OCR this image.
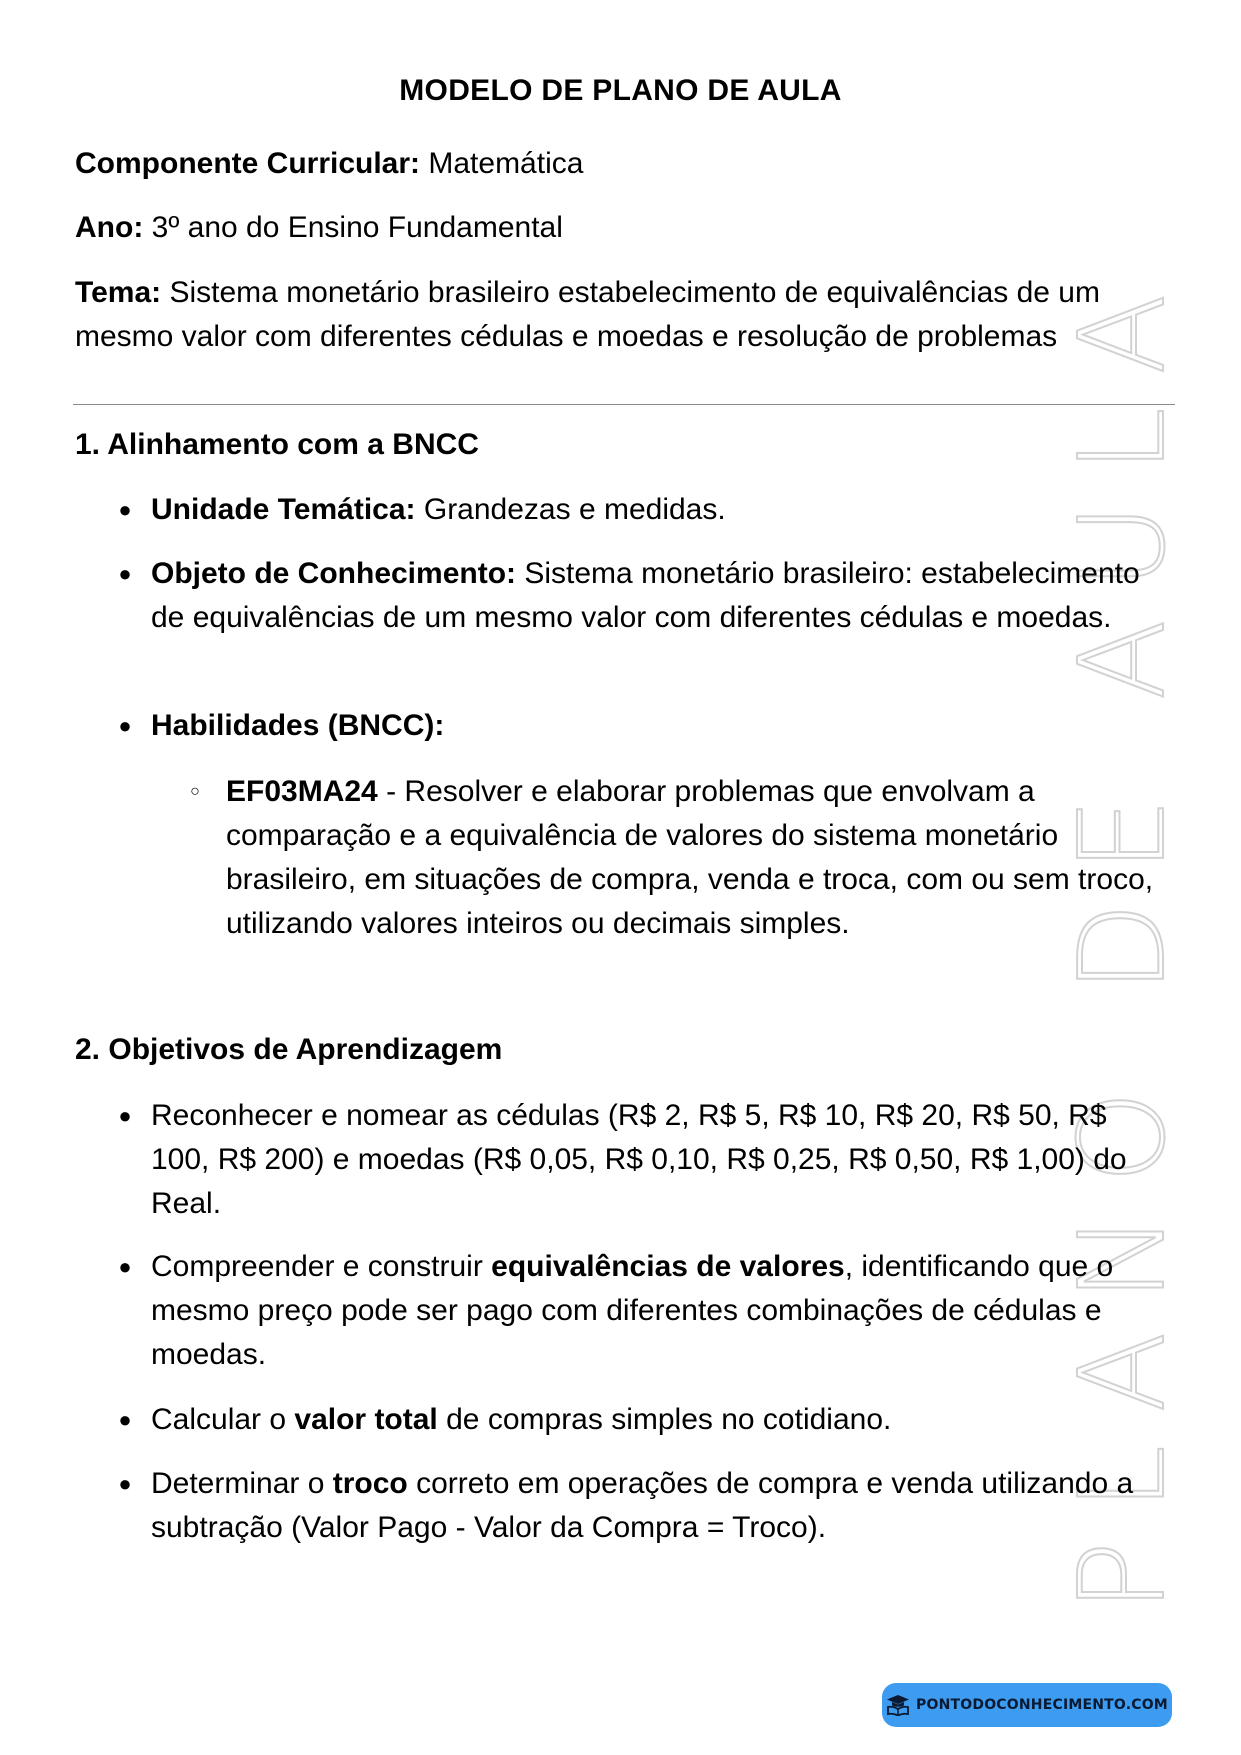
PLANO DE AULA
MODELO DE PLANO DE AULA
Componente Curricular: Matemática
Ano: 3º ano do Ensino Fundamental
Tema: Sistema monetário brasileiro estabelecimento de equivalências de um mesmo valor com diferentes cédulas e moedas e resolução de problemas
1. Alinhamento com a BNCC
● Unidade Temática: Grandezas e medidas.
● Objeto de Conhecimento: Sistema monetário brasileiro: estabelecimento de equivalências de um mesmo valor com diferentes cédulas e moedas.
● Habilidades (BNCC):
○ EF03MA24 - Resolver e elaborar problemas que envolvam a comparação e a equivalência de valores do sistema monetário brasileiro, em situações de compra, venda e troca, com ou sem troco, utilizando valores inteiros ou decimais simples.
2. Objetivos de Aprendizagem
● Reconhecer e nomear as cédulas (R$ 2, R$ 5, R$ 10, R$ 20, R$ 50, R$ 100, R$ 200) e moedas (R$ 0,05, R$ 0,10, R$ 0,25, R$ 0,50, R$ 1,00) do Real.
● Compreender e construir equivalências de valores, identificando que o mesmo preço pode ser pago com diferentes combinações de cédulas e moedas.
● Calcular o valor total de compras simples no cotidiano.
● Determinar o troco correto em operações de compra e venda utilizando a subtração (Valor Pago - Valor da Compra = Troco).
PONTODOCONHECIMENTO.COM
